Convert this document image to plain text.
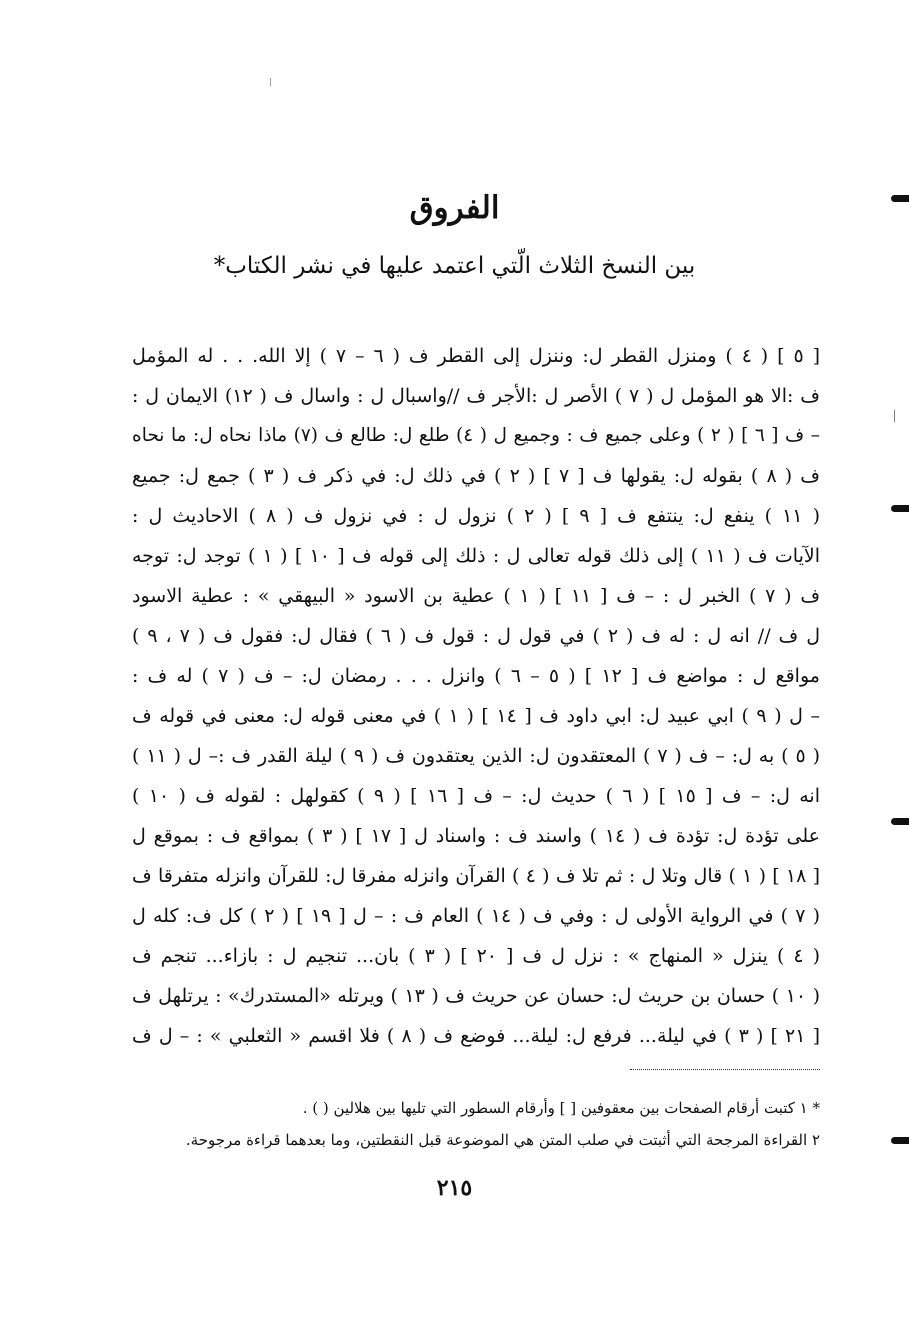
الفروق
بين النسخ الثلاث الّتي اعتمد عليها في نشر الكتاب*
[ ٥ ] ( ٤ ) ومنزل القطر ل: وننزل إلى القطر ف ( ٦ – ٧ ) إلا الله. . . له المؤمل
ف :الا هو المؤمل ل ( ٧ ) الأصر ل :الأجر ف //واسبال ل : واسال ف ( ١٢) الايمان ل :
– ف [ ٦ ] ( ٢ ) وعلى جميع ف : وجميع ل ( ٤) طلع ل: طالع ف (٧) ماذا نحاه ل: ما نحاه
ف ( ٨ ) بقوله ل: يقولها ف [ ٧ ] ( ٢ ) في ذلك ل: في ذكر ف ( ٣ ) جمع ل: جميع
( ١١ ) ينفع ل: ينتفع ف [ ٩ ] ( ٢ ) نزول ل : في نزول ف ( ٨ ) الاحاديث ل :
الآيات ف ( ١١ ) إلى ذلك قوله تعالى ل : ذلك إلى قوله ف [ ١٠ ] ( ١ ) توجد ل: توجه
ف ( ٧ ) الخبر ل : – ف [ ١١ ] ( ١ ) عطية بن الاسود « البيهقي » : عطية الاسود
ل ف // انه ل : له ف ( ٢ ) في قول ل : قول ف ( ٦ ) فقال ل: فقول ف ( ٧ ، ٩ )
مواقع ل : مواضع ف [ ١٢ ] ( ٥ – ٦ ) وانزل . . . رمضان ل: – ف ( ٧ ) له ف :
– ل ( ٩ ) ابي عبيد ل: ابي داود ف [ ١٤ ] ( ١ ) في معنى قوله ل: معنى في قوله ف
( ٥ ) به ل: – ف ( ٧ ) المعتقدون ل: الذين يعتقدون ف ( ٩ ) ليلة القدر ف :– ل ( ١١ )
انه ل: – ف [ ١٥ ] ( ٦ ) حديث ل: – ف [ ١٦ ] ( ٩ ) كقولهل : لقوله ف ( ١٠ )
على تؤدة ل: تؤدة ف ( ١٤ ) واسند ف : واسناد ل [ ١٧ ] ( ٣ ) بمواقع ف : بموقع ل
[ ١٨ ] ( ١ ) قال وتلا ل : ثم تلا ف ( ٤ ) القرآن وانزله مفرقا ل: للقرآن وانزله متفرقا ف
( ٧ ) في الرواية الأولى ل : وفي ف ( ١٤ ) العام ف : – ل [ ١٩ ] ( ٢ ) كل ف: كله ل
( ٤ ) ينزل « المنهاج » : نزل ل ف [ ٢٠ ] ( ٣ ) بان... تنجيم ل : بازاء... تنجم ف
( ١٠ ) حسان بن حريث ل: حسان عن حريث ف ( ١٣ ) ويرتله «المستدرك» : يرتلهل ف
[ ٢١ ] ( ٣ ) في ليلة... فرفع ل: ليلة... فوضع ف ( ٨ ) فلا اقسم « الثعلبي » : – ل ف
* ١ كتبت أرقام الصفحات بين معقوفين [ ] وأرقام السطور التي تليها بين هلالين ( ) .
٢ القراءة المرجحة التي أثبتت في صلب المتن هي الموضوعة قبل النقطتين، وما بعدهما قراءة مرجوحة.
٢١٥
